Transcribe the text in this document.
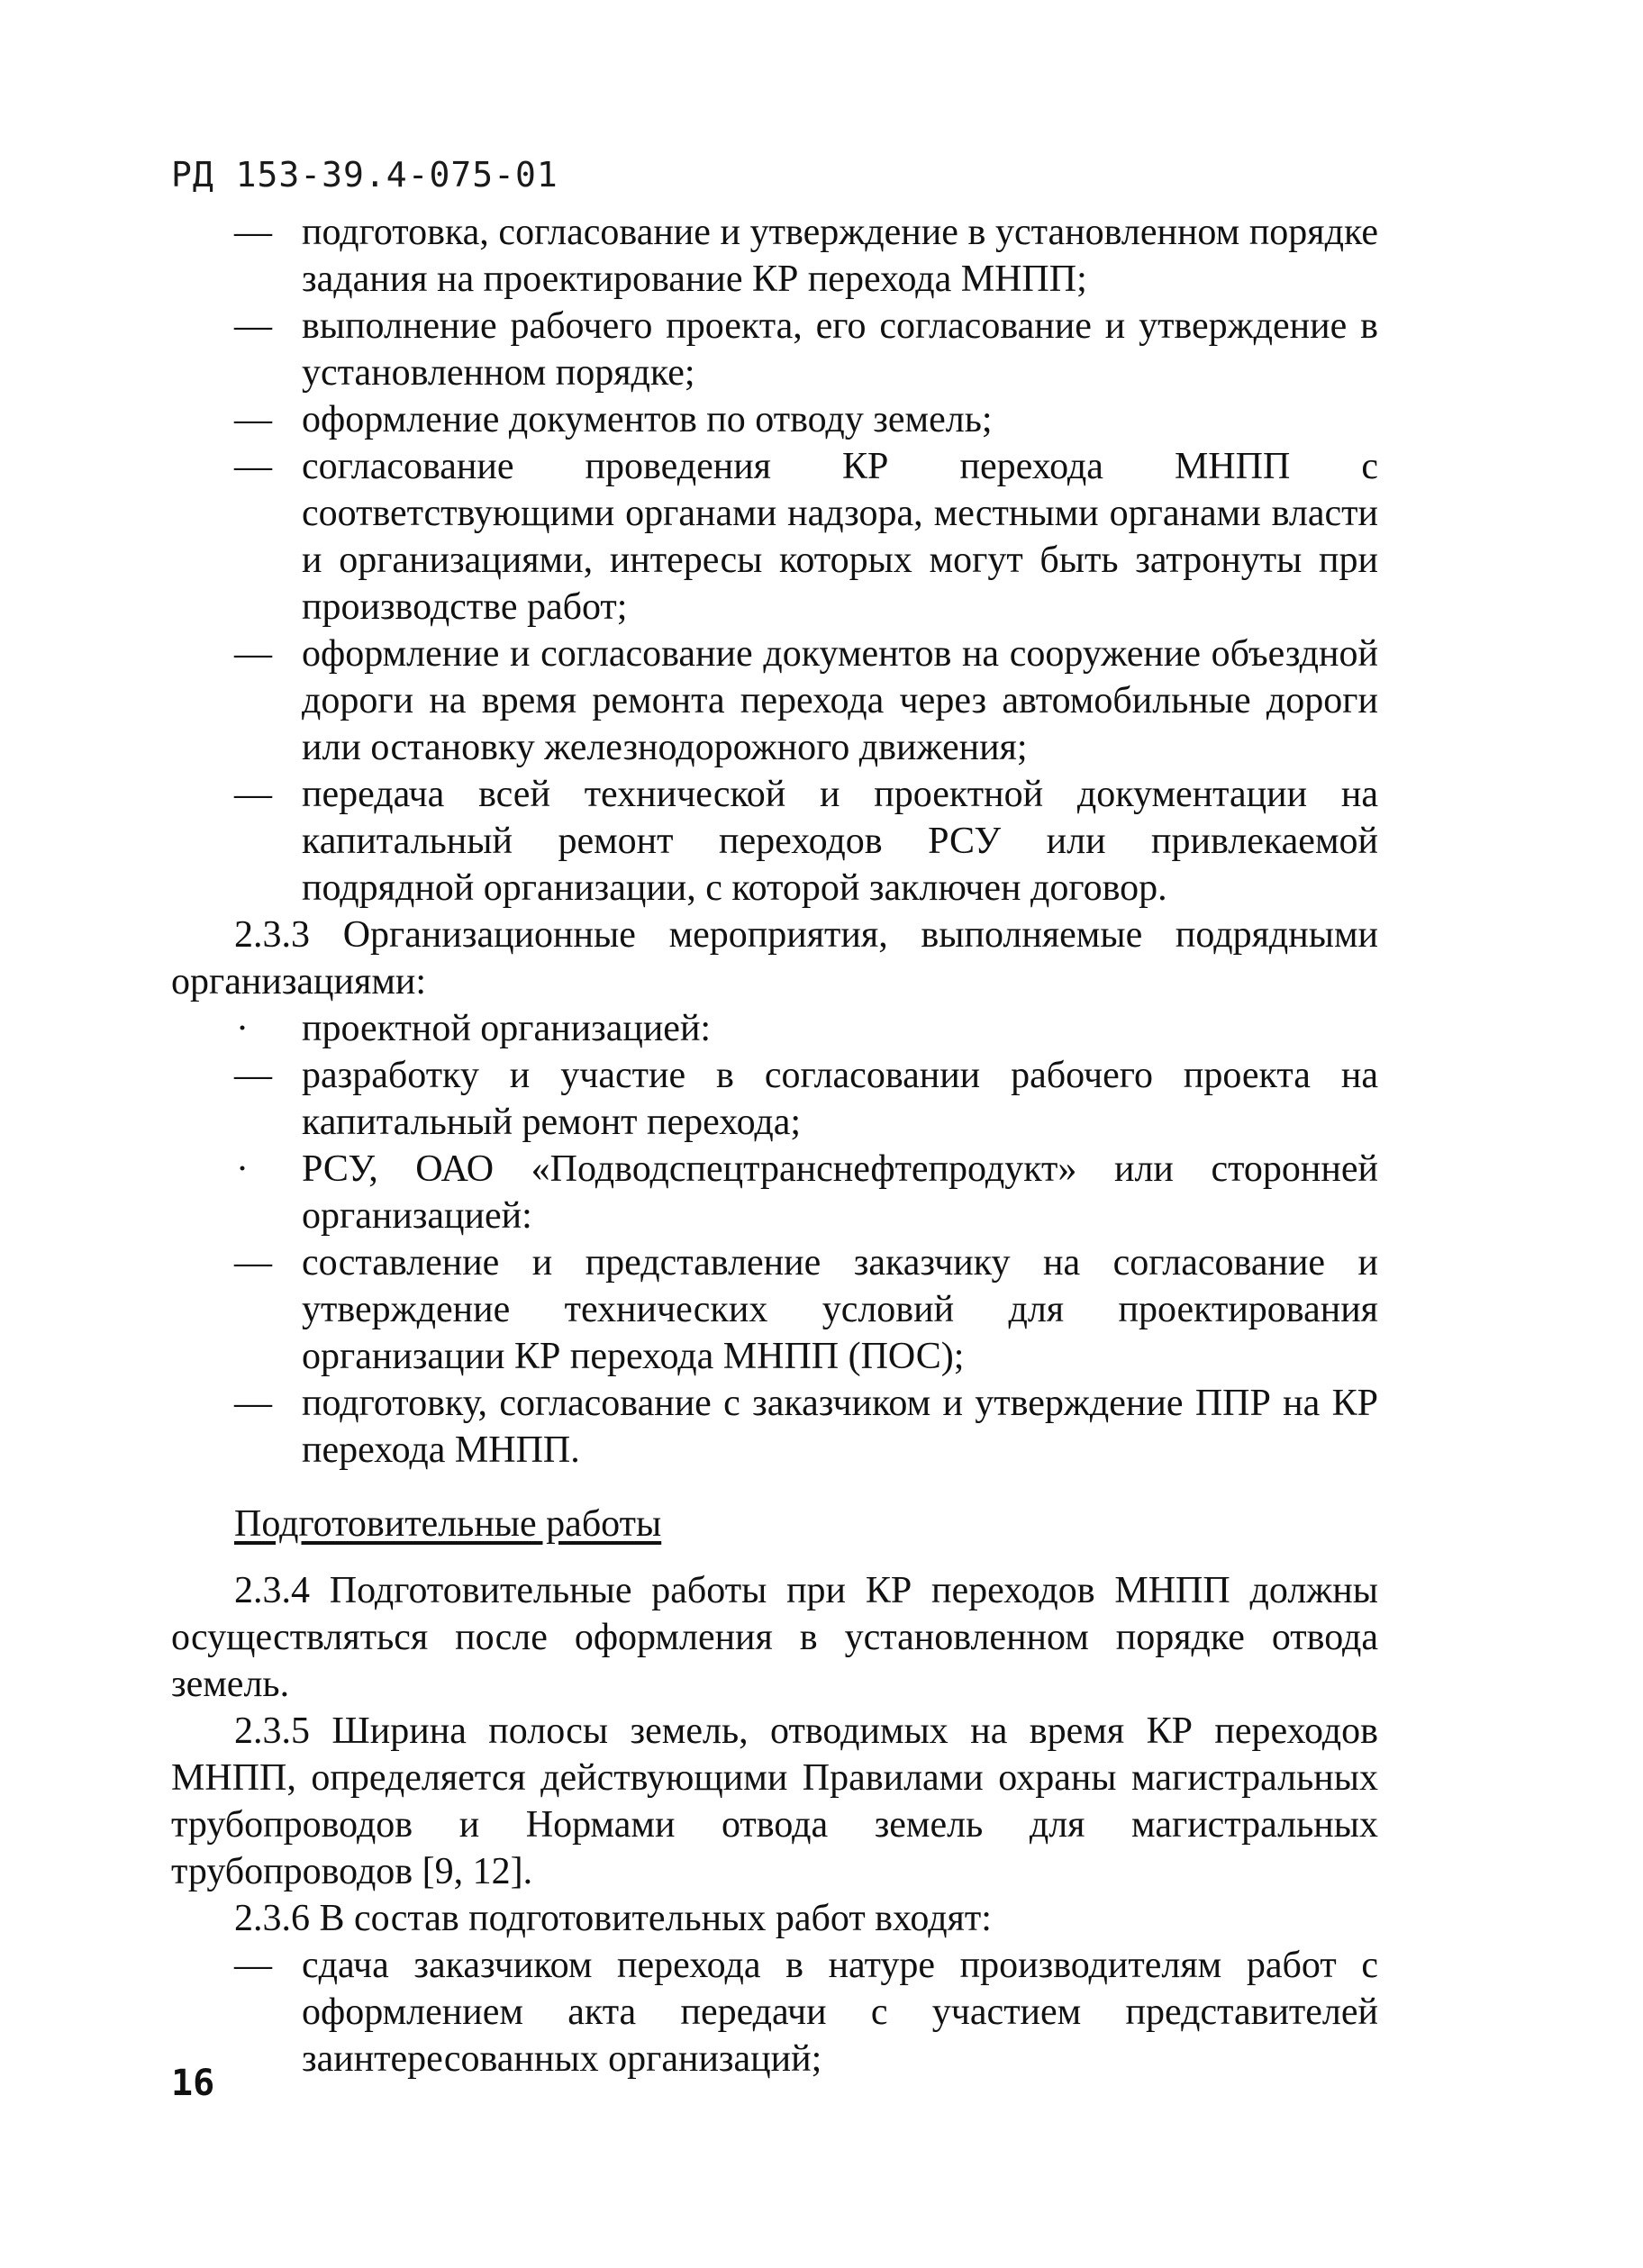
РД 153-39.4-075-01
— подготовка, согласование и утверждение в установленном порядке задания на проектирование КР перехода МНПП;
— выполнение рабочего проекта, его согласование и утверждение в установленном порядке;
— оформление документов по отводу земель;
— согласование проведения КР перехода МНПП с соответствующими органами надзора, местными органами власти и организациями, интересы которых могут быть затронуты при производстве работ;
— оформление и согласование документов на сооружение объездной дороги на время ремонта перехода через автомобильные дороги или остановку железнодорожного движения;
— передача всей технической и проектной документации на капитальный ремонт переходов РСУ или привлекаемой подрядной организации, с которой заключен договор.
2.3.3 Организационные мероприятия, выполняемые подрядными организациями:
· проектной организацией:
— разработку и участие в согласовании рабочего проекта на капитальный ремонт перехода;
· РСУ, ОАО «Подводспецтранснефтепродукт» или сторонней организацией:
— составление и представление заказчику на согласование и утверждение технических условий для проектирования организации КР перехода МНПП (ПОС);
— подготовку, согласование с заказчиком и утверждение ППР на КР перехода МНПП.
Подготовительные работы
2.3.4 Подготовительные работы при КР переходов МНПП должны осуществляться после оформления в установленном порядке отвода земель.
2.3.5 Ширина полосы земель, отводимых на время КР переходов МНПП, определяется действующими Правилами охраны магистральных трубопроводов и Нормами отвода земель для магистральных трубопроводов [9, 12].
2.3.6 В состав подготовительных работ входят:
— сдача заказчиком перехода в натуре производителям работ с оформлением акта передачи с участием представителей заинтересованных организаций;
16
